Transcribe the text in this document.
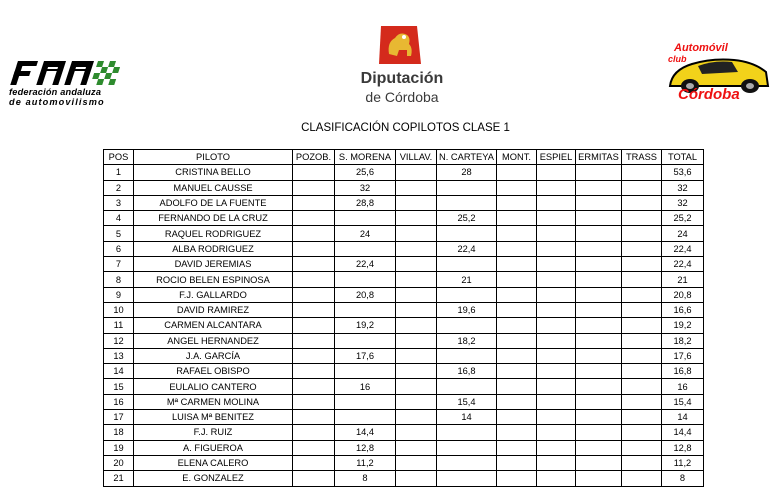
federación andaluza
de automovilismo
Diputación
de Córdoba
Automóvil
club
Córdoba
CLASIFICACIÓN COPILOTOS CLASE 1
POS	PILOTO	POZOB.	S. MORENA	VILLAV.	N. CARTEYA	MONT.	ESPIEL	ERMITAS	TRASS	TOTAL
1	CRISTINA BELLO		25,6		28					53,6
2	MANUEL CAUSSE		32							32
3	ADOLFO DE LA FUENTE		28,8							32
4	FERNANDO DE LA CRUZ				25,2					25,2
5	RAQUEL RODRIGUEZ		24							24
6	ALBA RODRIGUEZ				22,4					22,4
7	DAVID JEREMIAS		22,4							22,4
8	ROCIO BELEN ESPINOSA				21					21
9	F.J. GALLARDO		20,8							20,8
10	DAVID RAMIREZ				19,6					16,6
11	CARMEN ALCANTARA		19,2							19,2
12	ANGEL HERNANDEZ				18,2					18,2
13	J.A. GARCÍA		17,6							17,6
14	RAFAEL OBISPO				16,8					16,8
15	EULALIO CANTERO		16							16
16	Mª CARMEN MOLINA				15,4					15,4
17	LUISA Mª BENITEZ				14					14
18	F.J. RUIZ		14,4							14,4
19	A. FIGUEROA		12,8							12,8
20	ELENA CALERO		11,2							11,2
21	E. GONZALEZ		8							8
